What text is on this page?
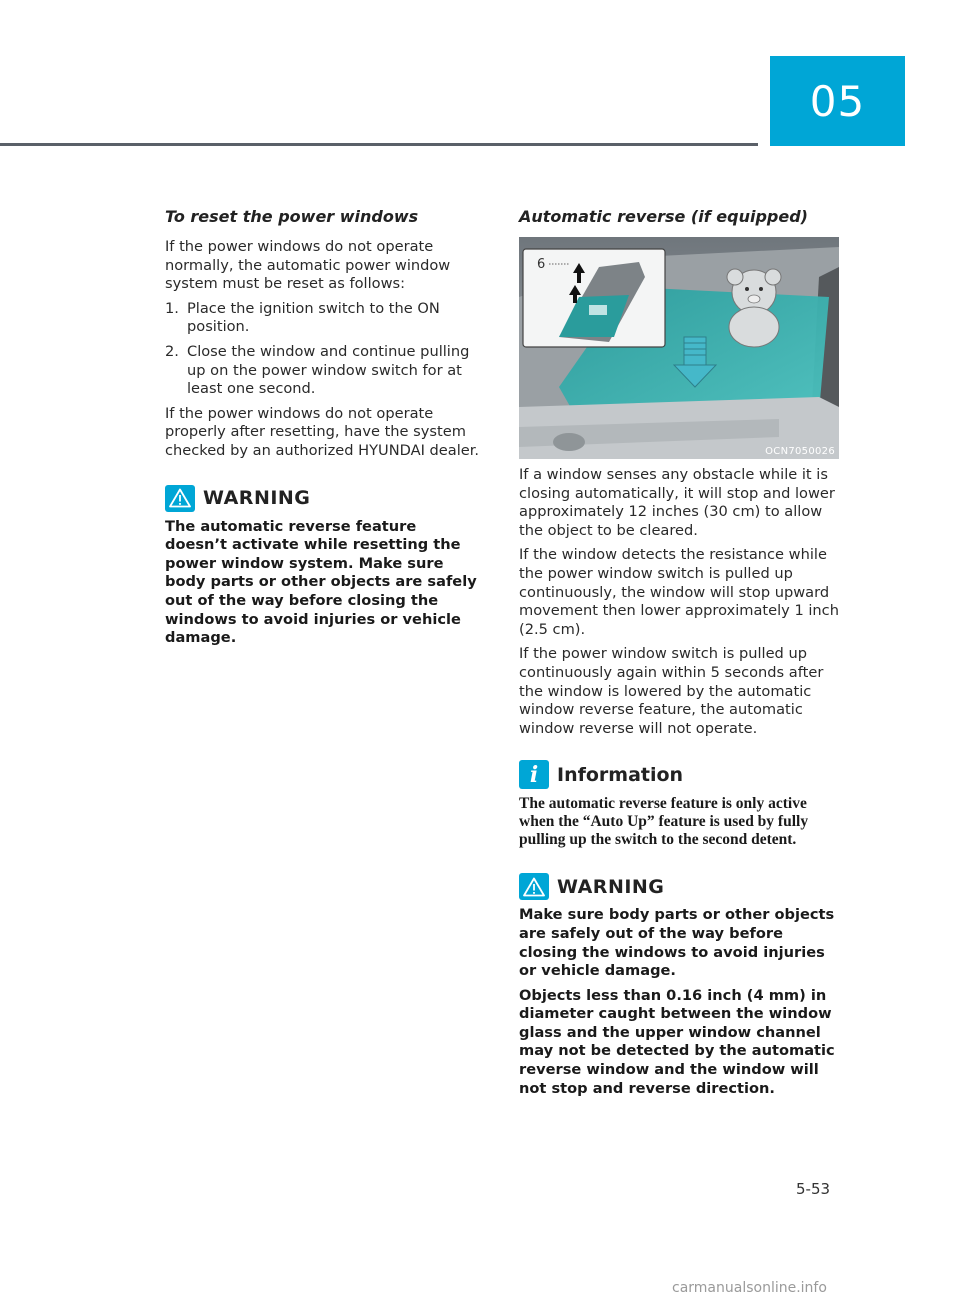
05
To reset the power windows

If the power windows do not operate normally, the automatic power window system must be reset as follows:

1. Place the ignition switch to the ON position.
2. Close the window and continue pulling up on the power window switch for at least one second.

If the power windows do not operate properly after resetting, have the system checked by an authorized HYUNDAI dealer.

WARNING

The automatic reverse feature doesn’t activate while resetting the power window system. Make sure body parts or other objects are safely out of the way before closing the windows to avoid injuries or vehicle damage.

Automatic reverse (if equipped)
6
OCN7050026

If a window senses any obstacle while it is closing automatically, it will stop and lower approximately 12 inches (30 cm) to allow the object to be cleared.

If the window detects the resistance while the power window switch is pulled up continuously, the window will stop upward movement then lower approximately 1 inch (2.5 cm).

If the power window switch is pulled up continuously again within 5 seconds after the window is lowered by the automatic window reverse feature, the automatic window reverse will not operate.

i Information

The automatic reverse feature is only active when the “Auto Up” feature is used by fully pulling up the switch to the second detent.

WARNING

Make sure body parts or other objects are safely out of the way before closing the windows to avoid injuries or vehicle damage.

Objects less than 0.16 inch (4 mm) in diameter caught between the window glass and the upper window channel may not be detected by the automatic reverse window and the window will not stop and reverse direction.

5-53
carmanualsonline.info
